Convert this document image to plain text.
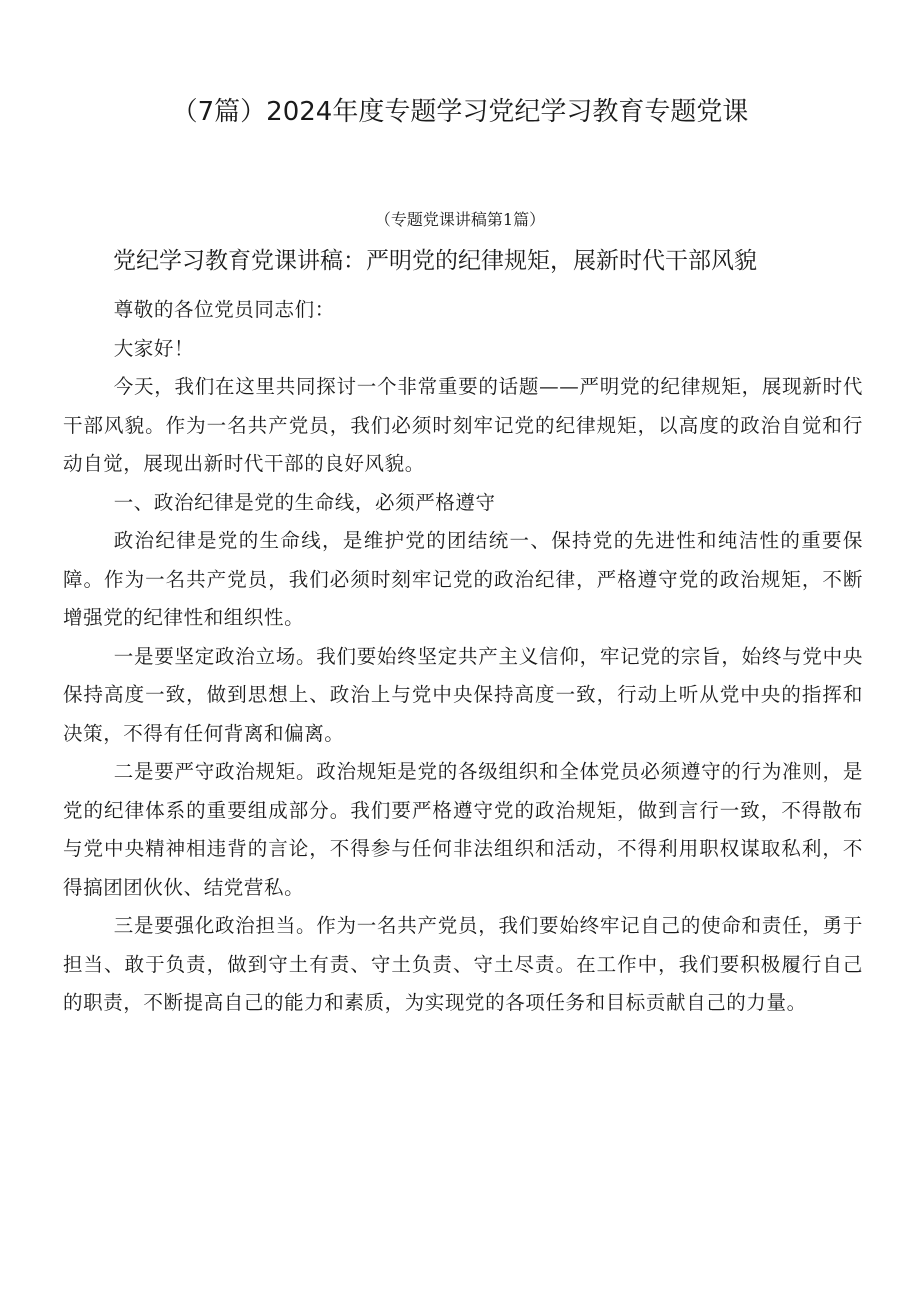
（7篇）2024年度专题学习党纪学习教育专题党课
（专题党课讲稿第1篇）
党纪学习教育党课讲稿：严明党的纪律规矩，展新时代干部风貌

尊敬的各位党员同志们：

大家好！

今天，我们在这里共同探讨一个非常重要的话题——严明党的纪律规矩，展现新时代干部风貌。作为一名共产党员，我们必须时刻牢记党的纪律规矩，以高度的政治自觉和行动自觉，展现出新时代干部的良好风貌。

一、政治纪律是党的生命线，必须严格遵守

政治纪律是党的生命线，是维护党的团结统一、保持党的先进性和纯洁性的重要保障。作为一名共产党员，我们必须时刻牢记党的政治纪律，严格遵守党的政治规矩，不断增强党的纪律性和组织性。

一是要坚定政治立场。我们要始终坚定共产主义信仰，牢记党的宗旨，始终与党中央保持高度一致，做到思想上、政治上与党中央保持高度一致，行动上听从党中央的指挥和决策，不得有任何背离和偏离。

二是要严守政治规矩。政治规矩是党的各级组织和全体党员必须遵守的行为准则，是党的纪律体系的重要组成部分。我们要严格遵守党的政治规矩，做到言行一致，不得散布与党中央精神相违背的言论，不得参与任何非法组织和活动，不得利用职权谋取私利，不得搞团团伙伙、结党营私。

三是要强化政治担当。作为一名共产党员，我们要始终牢记自己的使命和责任，勇于担当、敢于负责，做到守土有责、守土负责、守土尽责。在工作中，我们要积极履行自己的职责，不断提高自己的能力和素质，为实现党的各项任务和目标贡献自己的力量。
